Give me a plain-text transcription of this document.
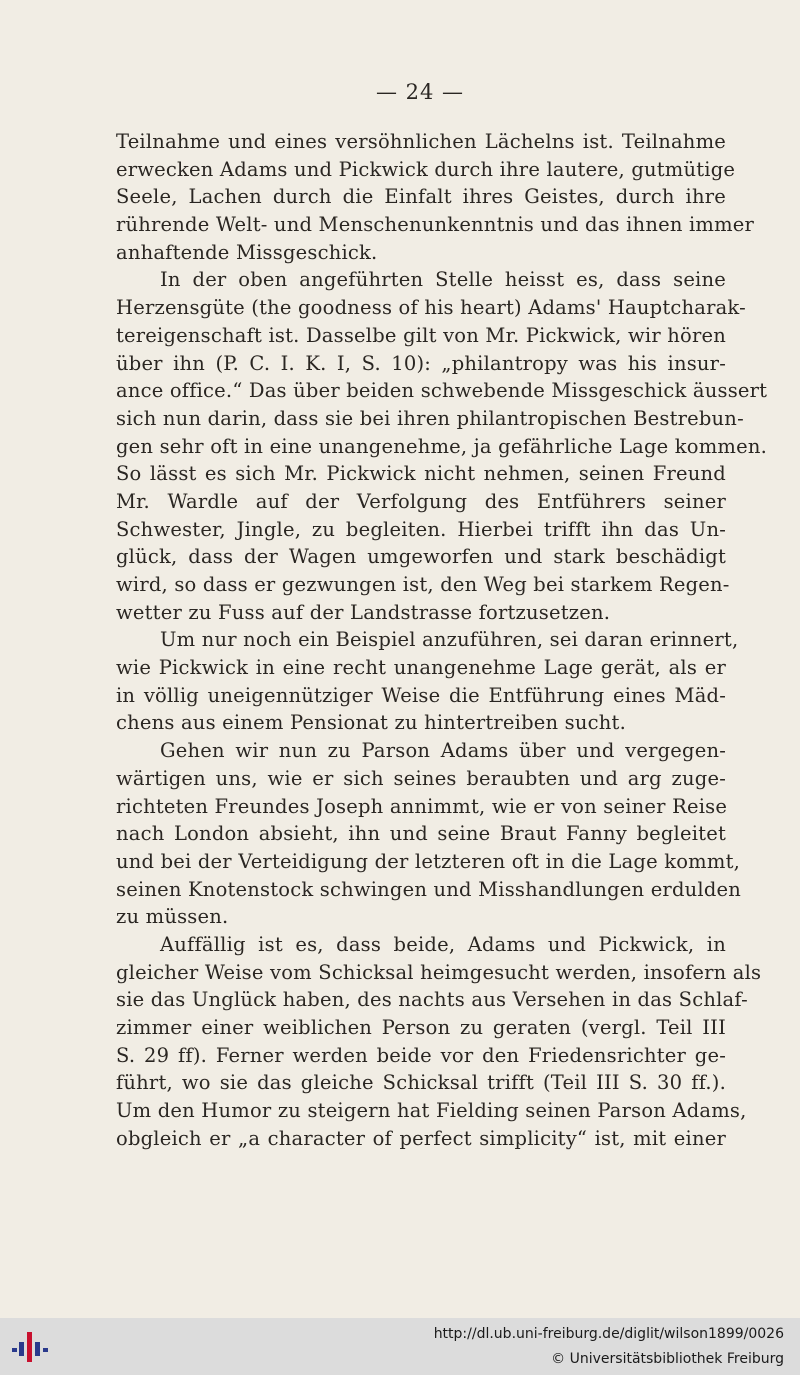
— 24 —
Teilnahme und eines versöhnlichen Lächelns ist. Teilnahme
erwecken Adams und Pickwick durch ihre lautere, gutmütige
Seele, Lachen durch die Einfalt ihres Geistes, durch ihre
rührende Welt- und Menschenunkenntnis und das ihnen immer
anhaftende Missgeschick.
In der oben angeführten Stelle heisst es, dass seine
Herzensgüte (the goodness of his heart) Adams' Hauptcharak-
tereigenschaft ist. Dasselbe gilt von Mr. Pickwick, wir hören
über ihn (P. C. I. K. I, S. 10): „philantropy was his insur-
ance office.“ Das über beiden schwebende Missgeschick äussert
sich nun darin, dass sie bei ihren philantropischen Bestrebun-
gen sehr oft in eine unangenehme, ja gefährliche Lage kommen.
So lässt es sich Mr. Pickwick nicht nehmen, seinen Freund
Mr. Wardle auf der Verfolgung des Entführers seiner
Schwester, Jingle, zu begleiten. Hierbei trifft ihn das Un-
glück, dass der Wagen umgeworfen und stark beschädigt
wird, so dass er gezwungen ist, den Weg bei starkem Regen-
wetter zu Fuss auf der Landstrasse fortzusetzen.
Um nur noch ein Beispiel anzuführen, sei daran erinnert,
wie Pickwick in eine recht unangenehme Lage gerät, als er
in völlig uneigennütziger Weise die Entführung eines Mäd-
chens aus einem Pensionat zu hintertreiben sucht.
Gehen wir nun zu Parson Adams über und vergegen-
wärtigen uns, wie er sich seines beraubten und arg zuge-
richteten Freundes Joseph annimmt, wie er von seiner Reise
nach London absieht, ihn und seine Braut Fanny begleitet
und bei der Verteidigung der letzteren oft in die Lage kommt,
seinen Knotenstock schwingen und Misshandlungen erdulden
zu müssen.
Auffällig ist es, dass beide, Adams und Pickwick, in
gleicher Weise vom Schicksal heimgesucht werden, insofern als
sie das Unglück haben, des nachts aus Versehen in das Schlaf-
zimmer einer weiblichen Person zu geraten (vergl. Teil III
S. 29 ff). Ferner werden beide vor den Friedensrichter ge-
führt, wo sie das gleiche Schicksal trifft (Teil III S. 30 ff.).
Um den Humor zu steigern hat Fielding seinen Parson Adams,
obgleich er „a character of perfect simplicity“ ist, mit einer
http://dl.ub.uni-freiburg.de/diglit/wilson1899/0026
© Universitätsbibliothek Freiburg
